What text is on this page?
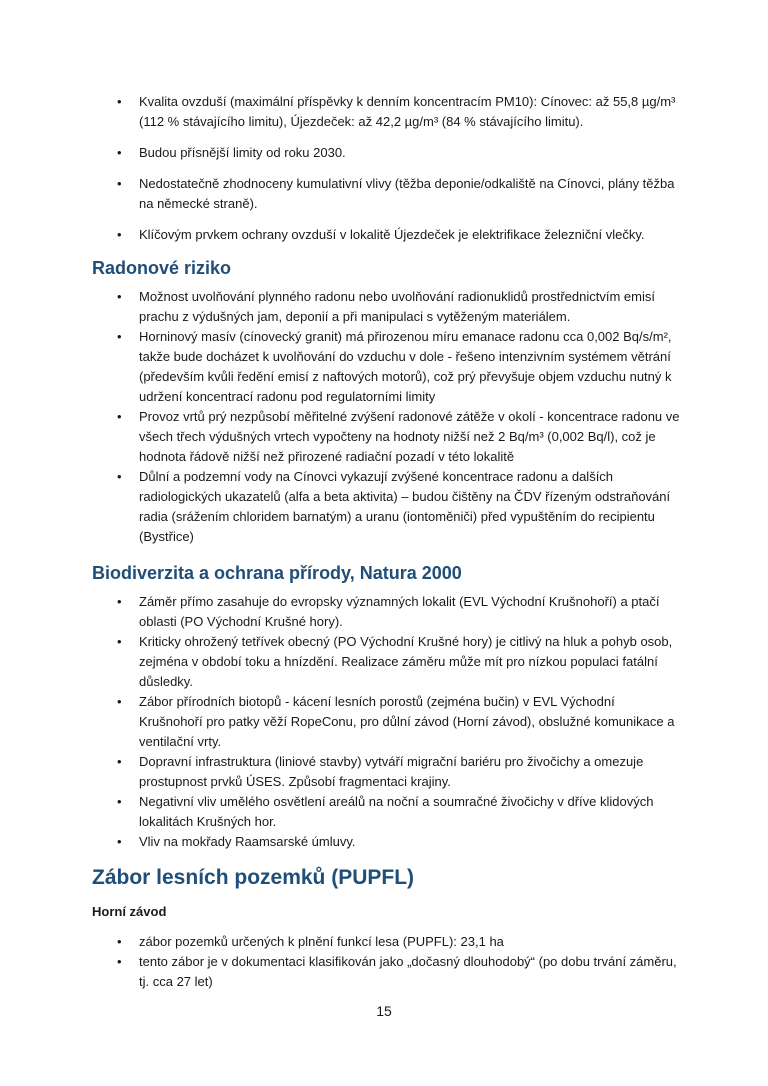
• Kvalita ovzduší (maximální příspěvky k denním koncentracím PM10): Cínovec: až 55,8 µg/m³ (112 % stávajícího limitu), Újezdeček: až 42,2 µg/m³ (84 % stávajícího limitu).
• Budou přísnější limity od roku 2030.
• Nedostatečně zhodnoceny kumulativní vlivy (těžba deponie/odkaliště na Cínovci, plány těžba na německé straně).
• Klíčovým prvkem ochrany ovzduší v lokalitě Újezdeček je elektrifikace železniční vlečky.
Radonové riziko
• Možnost uvolňování plynného radonu nebo uvolňování radionuklidů prostřednictvím emisí prachu z výdušných jam, deponií a při manipulaci s vytěženým materiálem.
• Horninový masív (cínovecký granit) má přirozenou míru emanace radonu cca 0,002 Bq/s/m², takže bude docházet k uvolňování do vzduchu v dole - řešeno intenzivním systémem větrání (především kvůli ředění emisí z naftových motorů), což prý převyšuje objem vzduchu nutný k udržení koncentrací radonu pod regulatorními limity
• Provoz vrtů prý nezpůsobí měřitelné zvýšení radonové zátěže v okolí - koncentrace radonu ve všech třech výdušných vrtech vypočteny na hodnoty nižší než 2 Bq/m³ (0,002 Bq/l), což je hodnota řádově nižší než přirozené radiační pozadí v této lokalitě
• Důlní a podzemní vody na Cínovci vykazují zvýšené koncentrace radonu a dalších radiologických ukazatelů (alfa a beta aktivita) – budou čištěny na ČDV řízeným odstraňování radia (srážením chloridem barnatým) a uranu (iontoměniči) před vypuštěním do recipientu (Bystřice)
Biodiverzita a ochrana přírody, Natura 2000
• Záměr přímo zasahuje do evropsky významných lokalit (EVL Východní Krušnohoří) a ptačí oblasti (PO Východní Krušné hory).
• Kriticky ohrožený tetřívek obecný (PO Východní Krušné hory) je citlivý na hluk a pohyb osob, zejména v období toku a hnízdění. Realizace záměru může mít pro nízkou populaci fatální důsledky.
• Zábor přírodních biotopů - kácení lesních porostů (zejména bučin) v EVL Východní Krušnohoří pro patky věží RopeConu, pro důlní závod (Horní závod), obslužné komunikace a ventilační vrty.
• Dopravní infrastruktura (liniové stavby) vytváří migrační bariéru pro živočichy a omezuje prostupnost prvků ÚSES. Způsobí fragmentaci krajiny.
• Negativní vliv umělého osvětlení areálů na noční a soumračné živočichy v dříve klidových lokalitách Krušných hor.
• Vliv na mokřady Raamsarské úmluvy.
Zábor lesních pozemků (PUPFL)
Horní závod
• zábor pozemků určených k plnění funkcí lesa (PUPFL): 23,1 ha
• tento zábor je v dokumentaci klasifikován jako „dočasný dlouhodobý“ (po dobu trvání záměru, tj. cca 27 let)
15
